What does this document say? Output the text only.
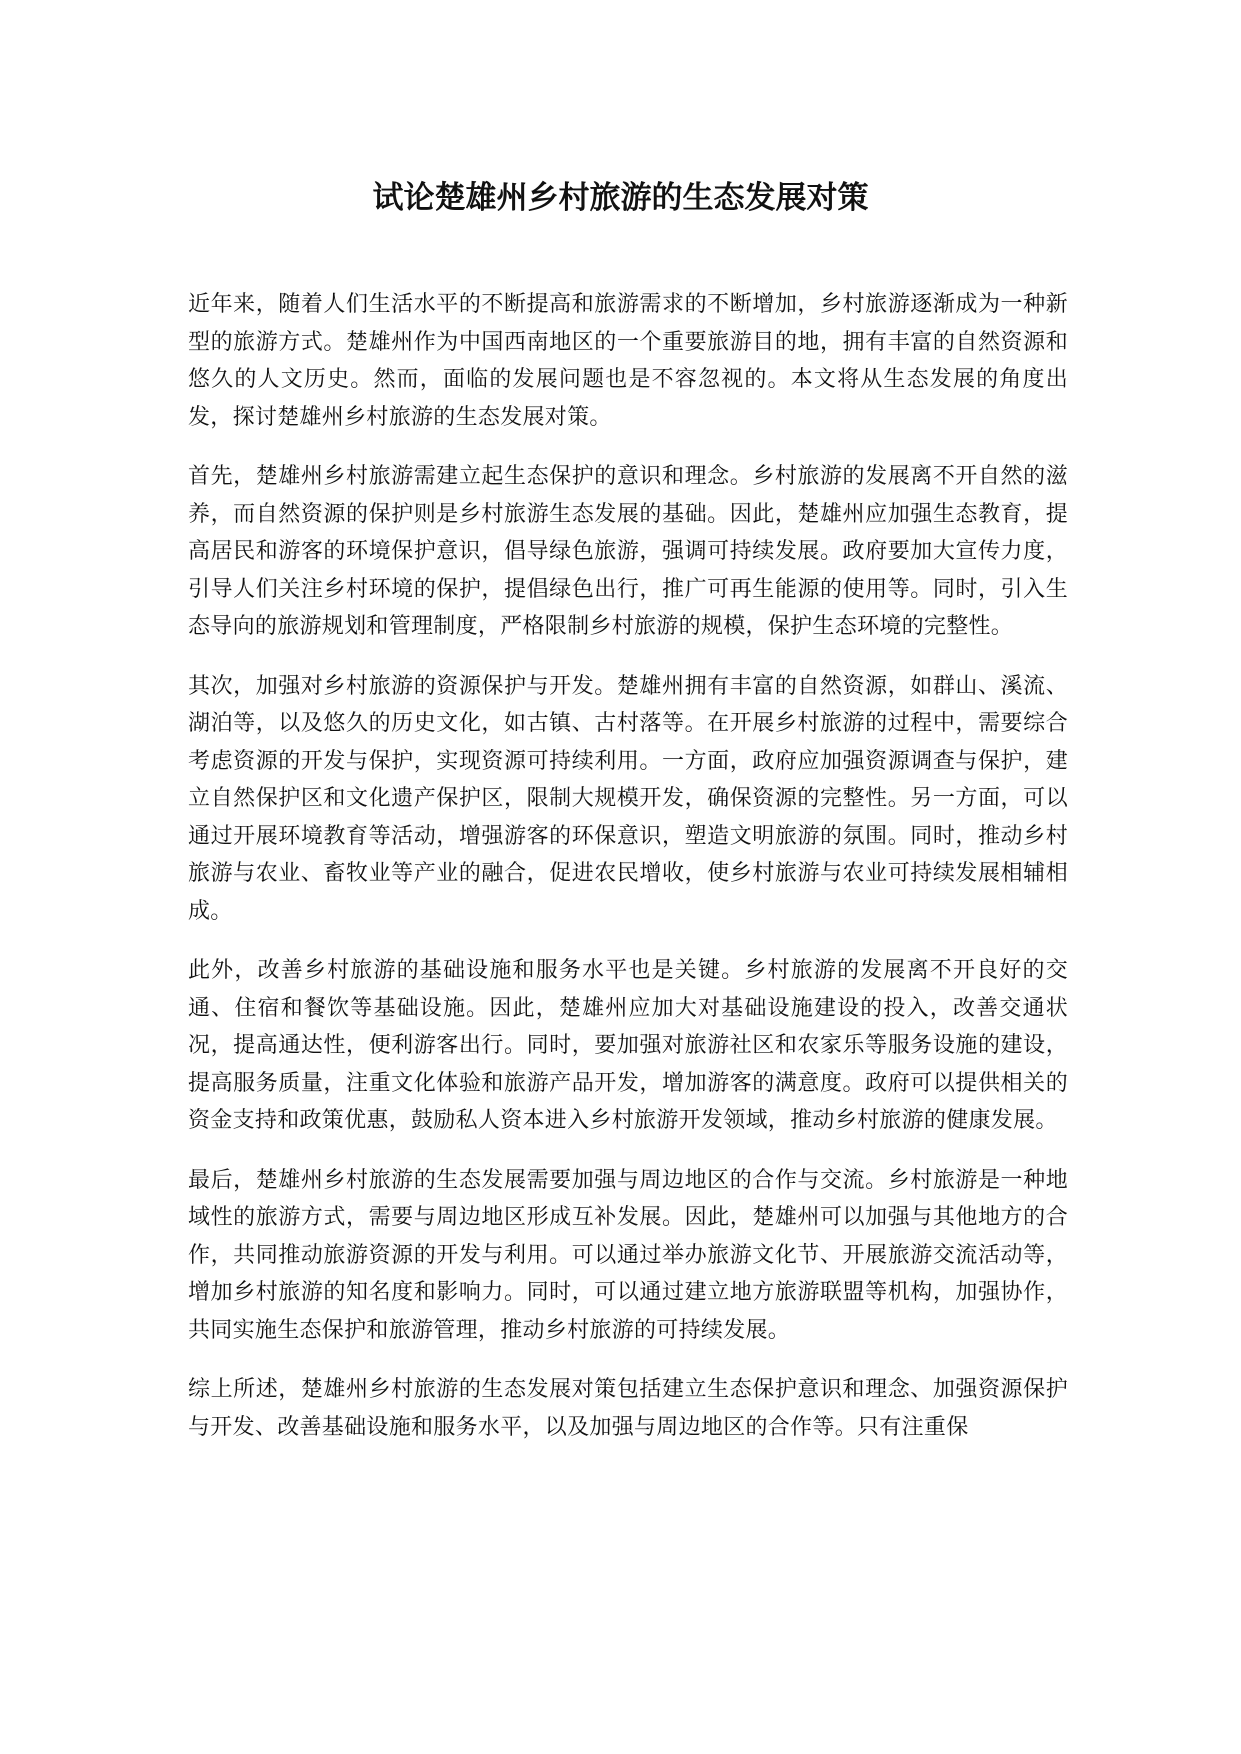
试论楚雄州乡村旅游的生态发展对策

近年来，随着人们生活水平的不断提高和旅游需求的不断增加，乡村旅游逐渐成为一种新型的旅游方式。楚雄州作为中国西南地区的一个重要旅游目的地，拥有丰富的自然资源和悠久的人文历史。然而，面临的发展问题也是不容忽视的。本文将从生态发展的角度出发，探讨楚雄州乡村旅游的生态发展对策。

首先，楚雄州乡村旅游需建立起生态保护的意识和理念。乡村旅游的发展离不开自然的滋养，而自然资源的保护则是乡村旅游生态发展的基础。因此，楚雄州应加强生态教育，提高居民和游客的环境保护意识，倡导绿色旅游，强调可持续发展。政府要加大宣传力度，引导人们关注乡村环境的保护，提倡绿色出行，推广可再生能源的使用等。同时，引入生态导向的旅游规划和管理制度，严格限制乡村旅游的规模，保护生态环境的完整性。

其次，加强对乡村旅游的资源保护与开发。楚雄州拥有丰富的自然资源，如群山、溪流、湖泊等，以及悠久的历史文化，如古镇、古村落等。在开展乡村旅游的过程中，需要综合考虑资源的开发与保护，实现资源可持续利用。一方面，政府应加强资源调查与保护，建立自然保护区和文化遗产保护区，限制大规模开发，确保资源的完整性。另一方面，可以通过开展环境教育等活动，增强游客的环保意识，塑造文明旅游的氛围。同时，推动乡村旅游与农业、畜牧业等产业的融合，促进农民增收，使乡村旅游与农业可持续发展相辅相成。

此外，改善乡村旅游的基础设施和服务水平也是关键。乡村旅游的发展离不开良好的交通、住宿和餐饮等基础设施。因此，楚雄州应加大对基础设施建设的投入，改善交通状况，提高通达性，便利游客出行。同时，要加强对旅游社区和农家乐等服务设施的建设，提高服务质量，注重文化体验和旅游产品开发，增加游客的满意度。政府可以提供相关的资金支持和政策优惠，鼓励私人资本进入乡村旅游开发领域，推动乡村旅游的健康发展。

最后，楚雄州乡村旅游的生态发展需要加强与周边地区的合作与交流。乡村旅游是一种地域性的旅游方式，需要与周边地区形成互补发展。因此，楚雄州可以加强与其他地方的合作，共同推动旅游资源的开发与利用。可以通过举办旅游文化节、开展旅游交流活动等，增加乡村旅游的知名度和影响力。同时，可以通过建立地方旅游联盟等机构，加强协作，共同实施生态保护和旅游管理，推动乡村旅游的可持续发展。

综上所述，楚雄州乡村旅游的生态发展对策包括建立生态保护意识和理念、加强资源保护与开发、改善基础设施和服务水平，以及加强与周边地区的合作等。只有注重保
